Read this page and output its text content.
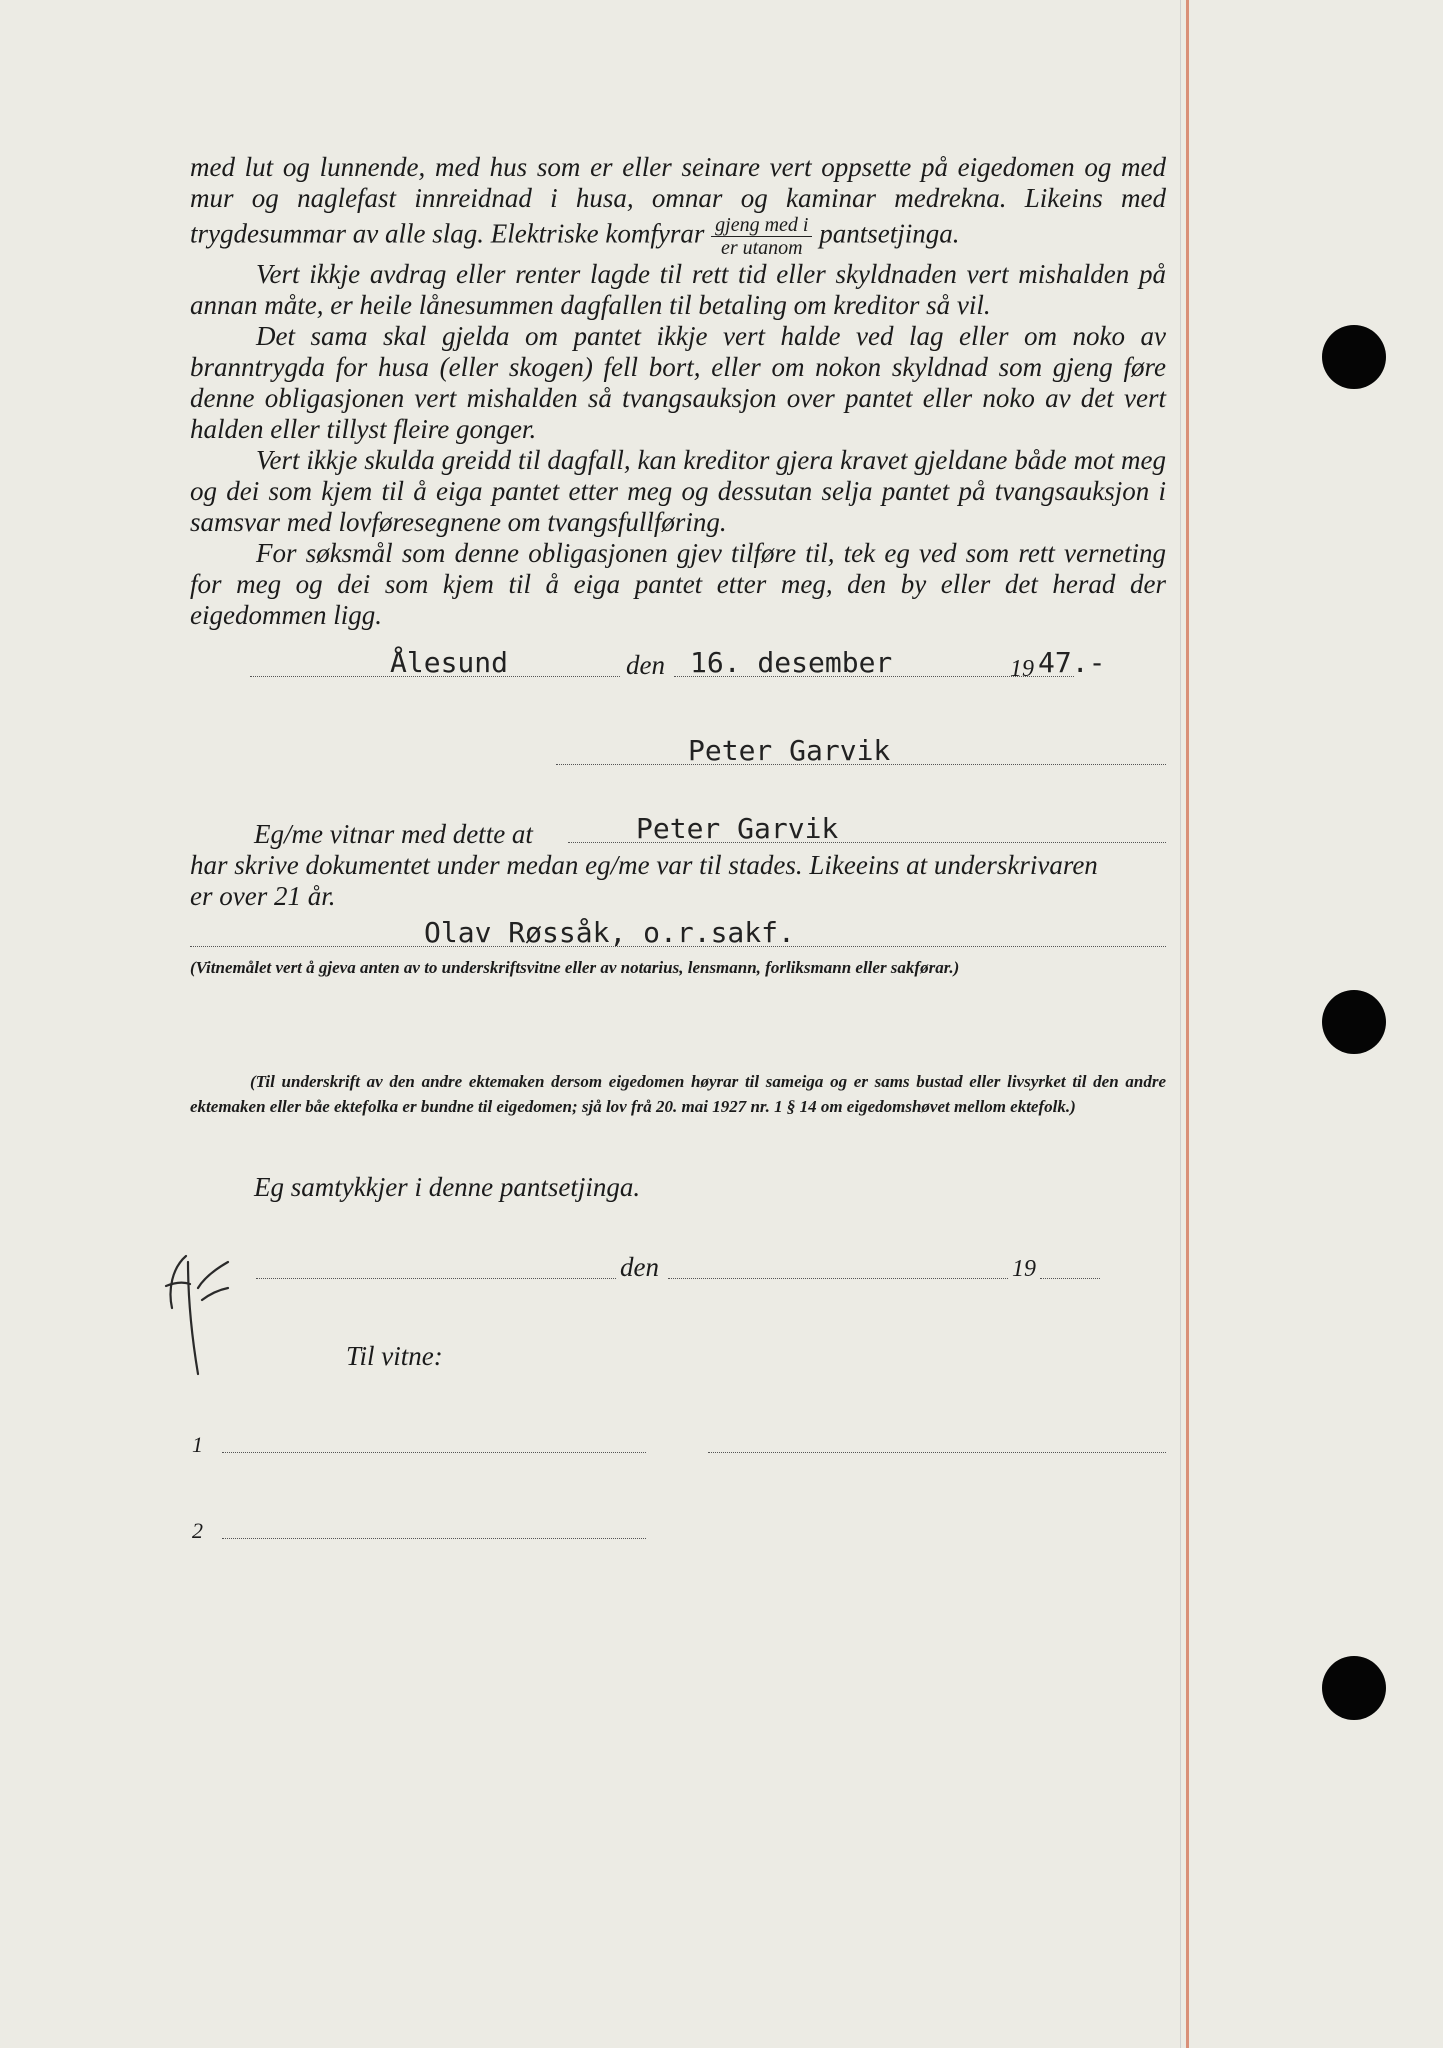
med lut og lunnende, med hus som er eller seinare vert oppsette på eigedomen og med mur og naglefast innreidnad i husa, omnar og kaminar medrekna. Likeins med trygdesummar av alle slag. Elektriske komfyrar $\frac{\text{gjeng med i}}{\text{er utanom}}$ pantsetjinga.

Vert ikkje avdrag eller renter lagde til rett tid eller skyldnaden vert mishalden på annan måte, er heile lånesummen dagfallen til betaling om kreditor så vil.

Det sama skal gjelda om pantet ikkje vert halde ved lag eller om noko av branntrygda for husa (eller skogen) fell bort, eller om nokon skyldnad som gjeng føre denne obligasjonen vert mishalden så tvangsauksjon over pantet eller noko av det vert halden eller tillyst fleire gonger.

Vert ikkje skulda greidd til dagfall, kan kreditor gjera kravet gjeldane både mot meg og dei som kjem til å eiga pantet etter meg og dessutan selja pantet på tvangsauksjon i samsvar med lovføresegnene om tvangsfullføring.

For søksmål som denne obligasjonen gjev tilføre til, tek eg ved som rett verneting for meg og dei som kjem til å eiga pantet etter meg, den by eller det herad der eigedommen ligg.

Ålesund	den 16. desember	19 47.-
Peter Garvik
Eg/me vitnar med dette at	Peter Garvik
har skrive dokumentet under medan eg/me var til stades. Likeeins at underskrivaren
er over 21 år.
Olav Røssåk, o.r.sakf.
(Vitnemålet vert å gjeva anten av to underskriftsvitne eller av notarius, lensmann, forliksmann eller sakførar.)
(Til underskrift av den andre ektemaken dersom eigedomen høyrar til sameiga og er sams bustad eller livsyrket til den andre ektemaken eller båe ektefolka er bundne til eigedomen; sjå lov frå 20. mai 1927 nr. 1 § 14 om eigedomshøvet mellom ektefolk.)
Eg samtykkjer i denne pantsetjinga.
den	19
Til vitne:
1
2
